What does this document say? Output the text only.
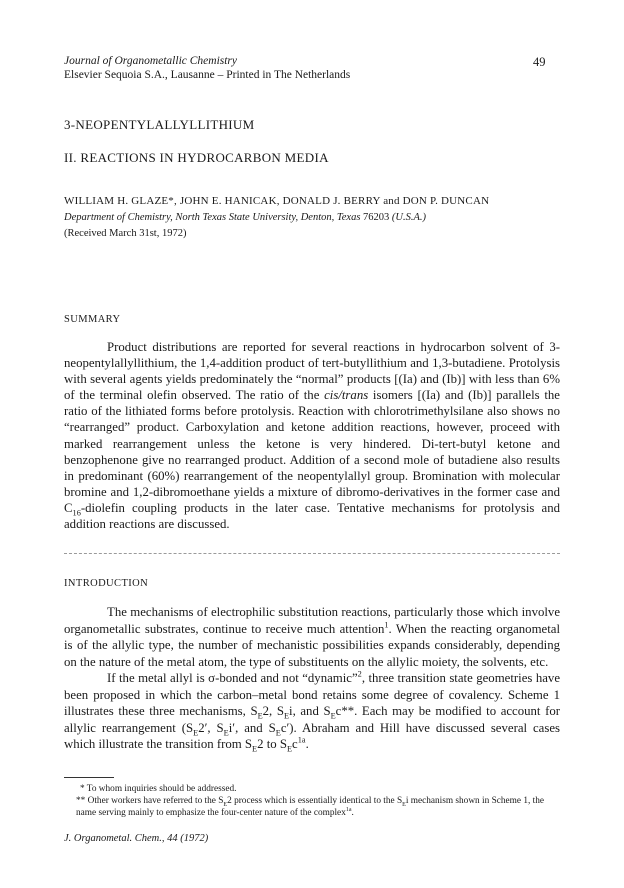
Journal of Organometallic Chemistry
Elsevier Sequoia S.A., Lausanne – Printed in The Netherlands
49
3-NEOPENTYLALLYLLITHIUM
II. REACTIONS IN HYDROCARBON MEDIA
WILLIAM H. GLAZE*, JOHN E. HANICAK, DONALD J. BERRY and DON P. DUNCAN
Department of Chemistry, North Texas State University, Denton, Texas 76203 (U.S.A.)
(Received March 31st, 1972)
SUMMARY

Product distributions are reported for several reactions in hydrocarbon solvent of 3-neopentylallyllithium, the 1,4-addition product of tert-butyllithium and 1,3-butadiene. Protolysis with several agents yields predominately the “normal” products [(Ia) and (Ib)] with less than 6% of the terminal olefin observed. The ratio of the cis/trans isomers [(Ia) and (Ib)] parallels the ratio of the lithiated forms before protolysis. Reaction with chlorotrimethylsilane also shows no “rearranged” product. Carboxylation and ketone addition reactions, however, proceed with marked rearrangement unless the ketone is very hindered. Di-tert-butyl ketone and benzophenone give no rearranged product. Addition of a second mole of butadiene also results in predominant (60%) rearrangement of the neopentylallyl group. Bromination with molecular bromine and 1,2-dibromoethane yields a mixture of dibromo-derivatives in the former case and $C_{16}$-diolefin coupling products in the later case. Tentative mechanisms for protolysis and addition reactions are discussed.

INTRODUCTION

The mechanisms of electrophilic substitution reactions, particularly those which involve organometallic substrates, continue to receive much attention$^1$. When the reacting organometal is of the allylic type, the number of mechanistic possibilities expands considerably, depending on the nature of the metal atom, the type of substituents on the allylic moiety, the solvents, etc.

If the metal allyl is σ-bonded and not “dynamic”$^2$, three transition state geometries have been proposed in which the carbon–metal bond retains some degree of covalency. Scheme 1 illustrates these three mechanisms, $S_E2$, $S_Ei$, and $S_Ec**$. Each may be modified to account for allylic rearrangement ($S_E2'$, $S_Ei'$, and $S_Ec'$). Abraham and Hill have discussed several cases which illustrate the transition from $S_E2$ to $S_Ec^{1a}$.

* To whom inquiries should be addressed.

** Other workers have referred to the $S_E2$ process which is essentially identical to the $S_Ei$ mechanism shown in Scheme 1, the name serving mainly to emphasize the four-center nature of the complex$^{1a}$.

J. Organometal. Chem., 44 (1972)
